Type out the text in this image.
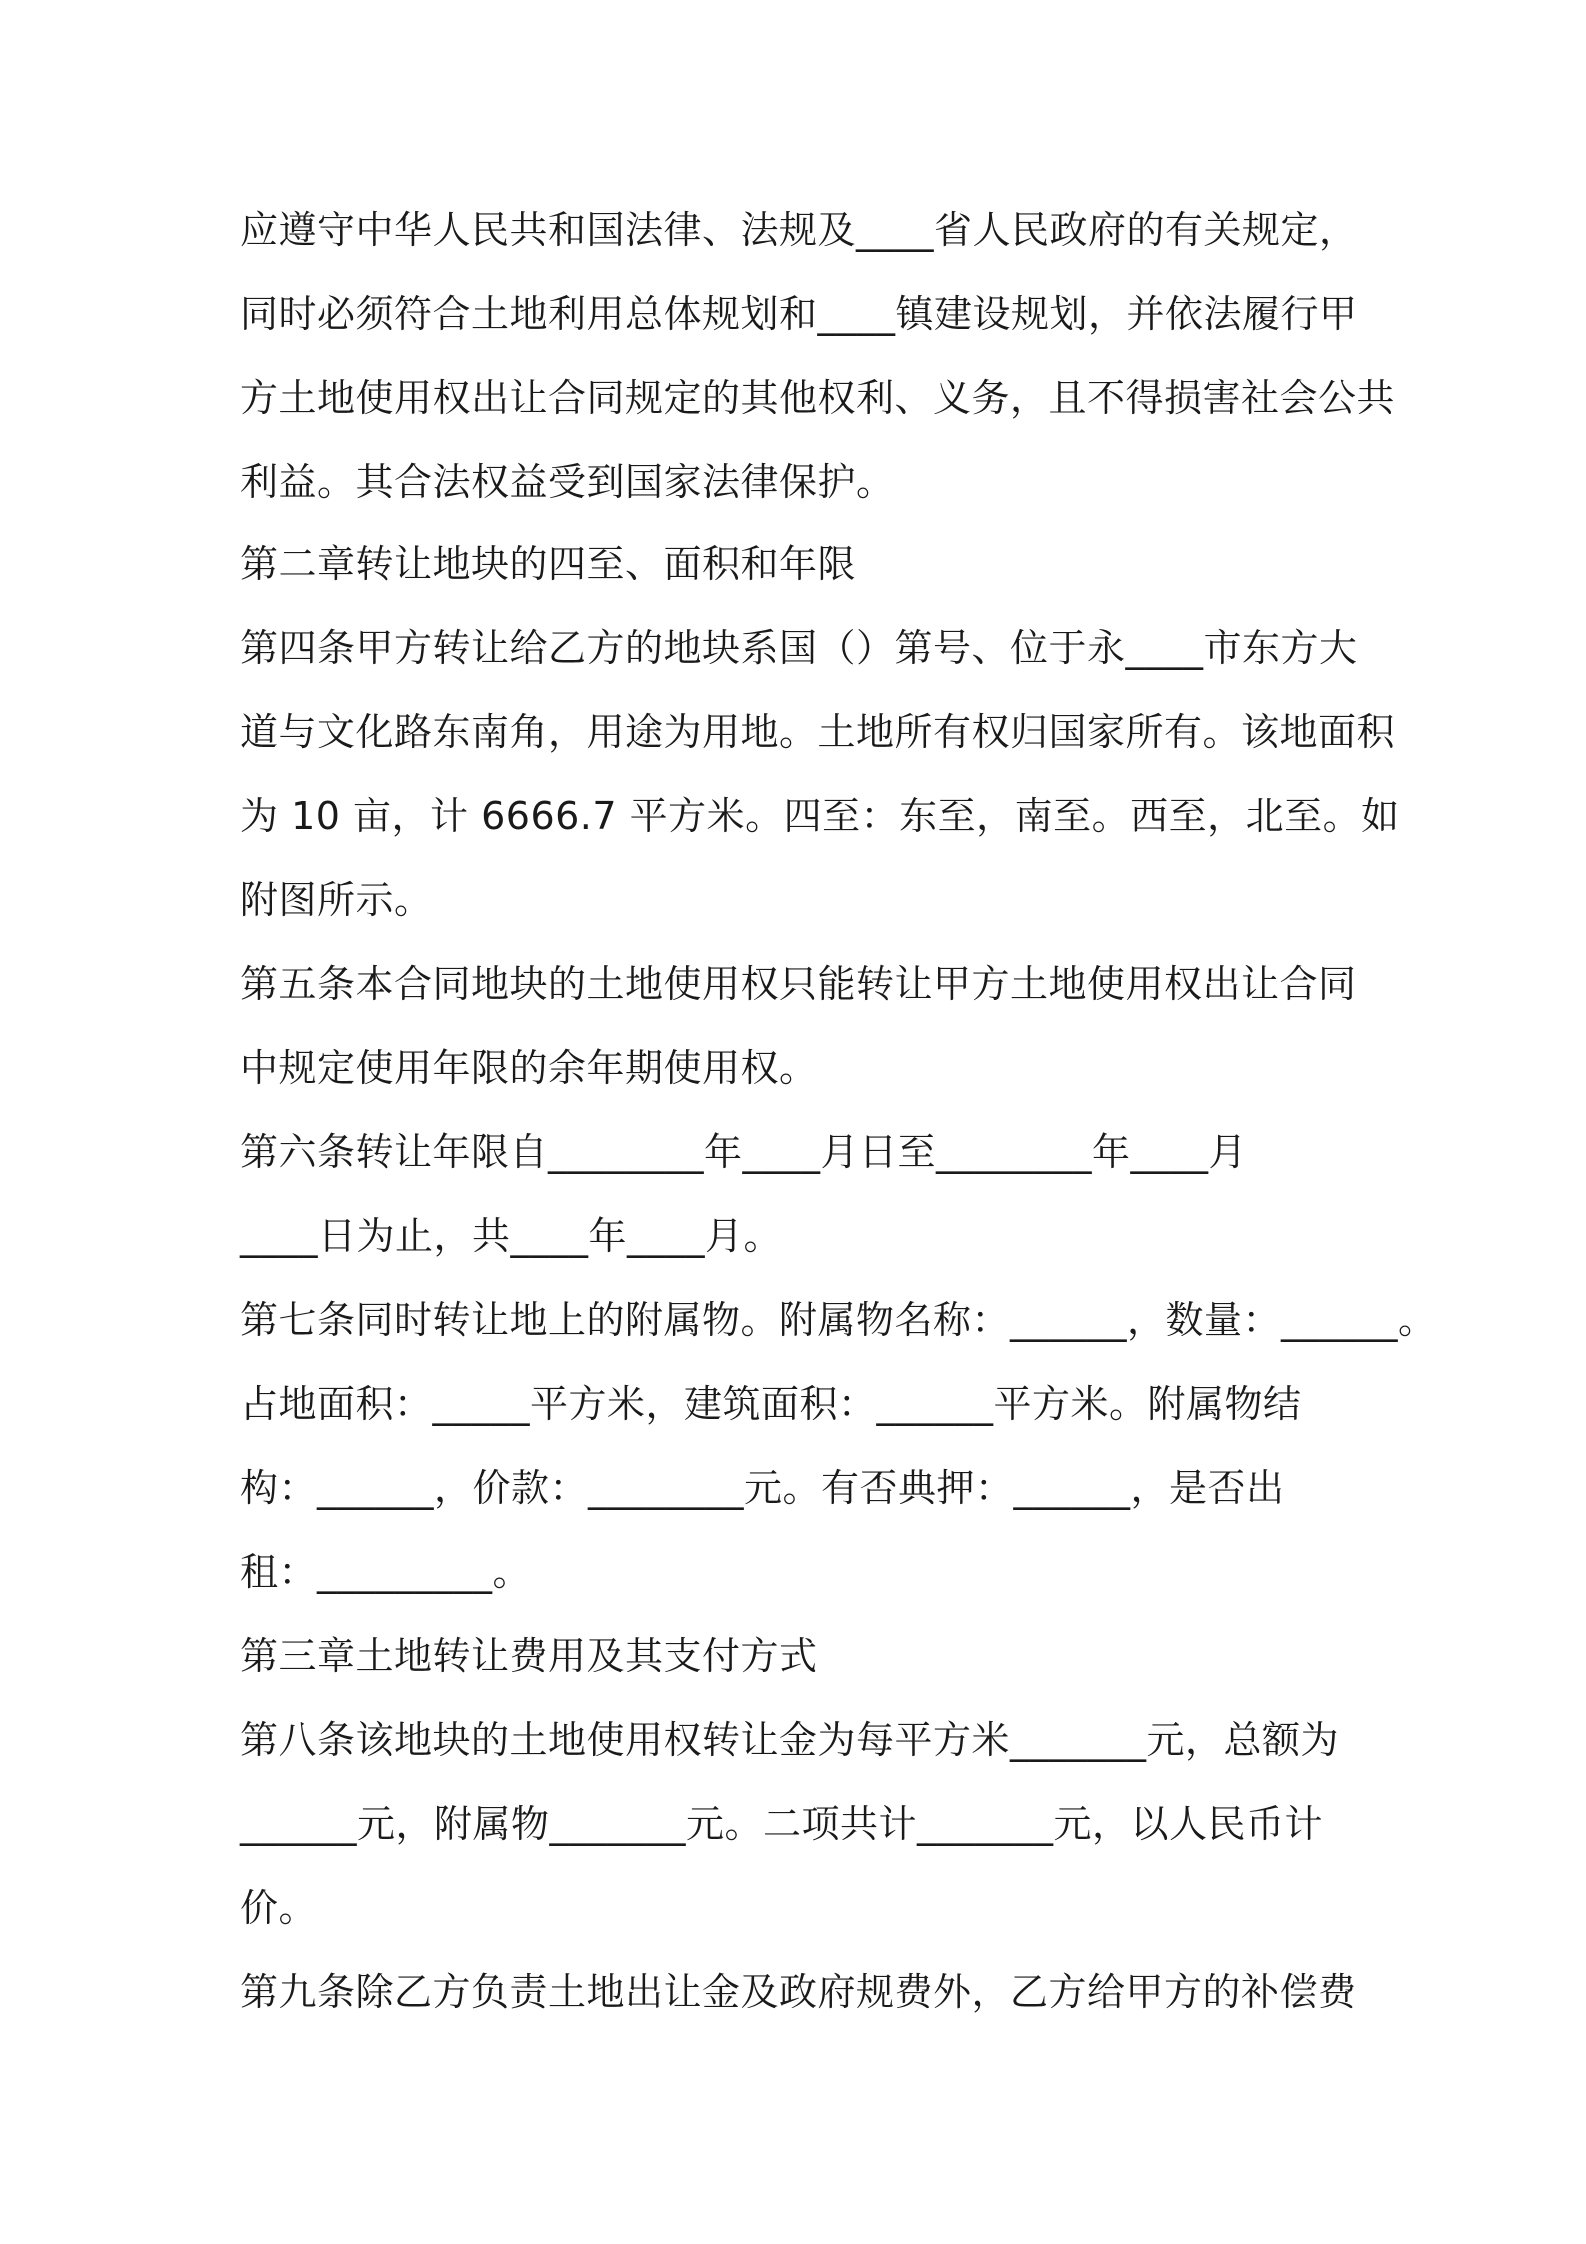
应遵守中华人民共和国法律、法规及____省人民政府的有关规定，
同时必须符合土地利用总体规划和____镇建设规划，并依法履行甲
方土地使用权出让合同规定的其他权利、义务，且不得损害社会公共
利益。其合法权益受到国家法律保护。
第二章转让地块的四至、面积和年限
第四条甲方转让给乙方的地块系国（）第号、位于永____市东方大
道与文化路东南角，用途为用地。土地所有权归国家所有。该地面积
为 10 亩，计 6666.7 平方米。四至：东至，南至。西至，北至。如
附图所示。
第五条本合同地块的土地使用权只能转让甲方土地使用权出让合同
中规定使用年限的余年期使用权。
第六条转让年限自________年____月日至________年____月
____日为止，共____年____月。
第七条同时转让地上的附属物。附属物名称：______，数量：______。
占地面积：_____平方米，建筑面积：______平方米。附属物结
构：______，价款：________元。有否典押：______，是否出
租：_________。
第三章土地转让费用及其支付方式
第八条该地块的土地使用权转让金为每平方米_______元，总额为
______元，附属物_______元。二项共计_______元，以人民币计
价。
第九条除乙方负责土地出让金及政府规费外，乙方给甲方的补偿费
